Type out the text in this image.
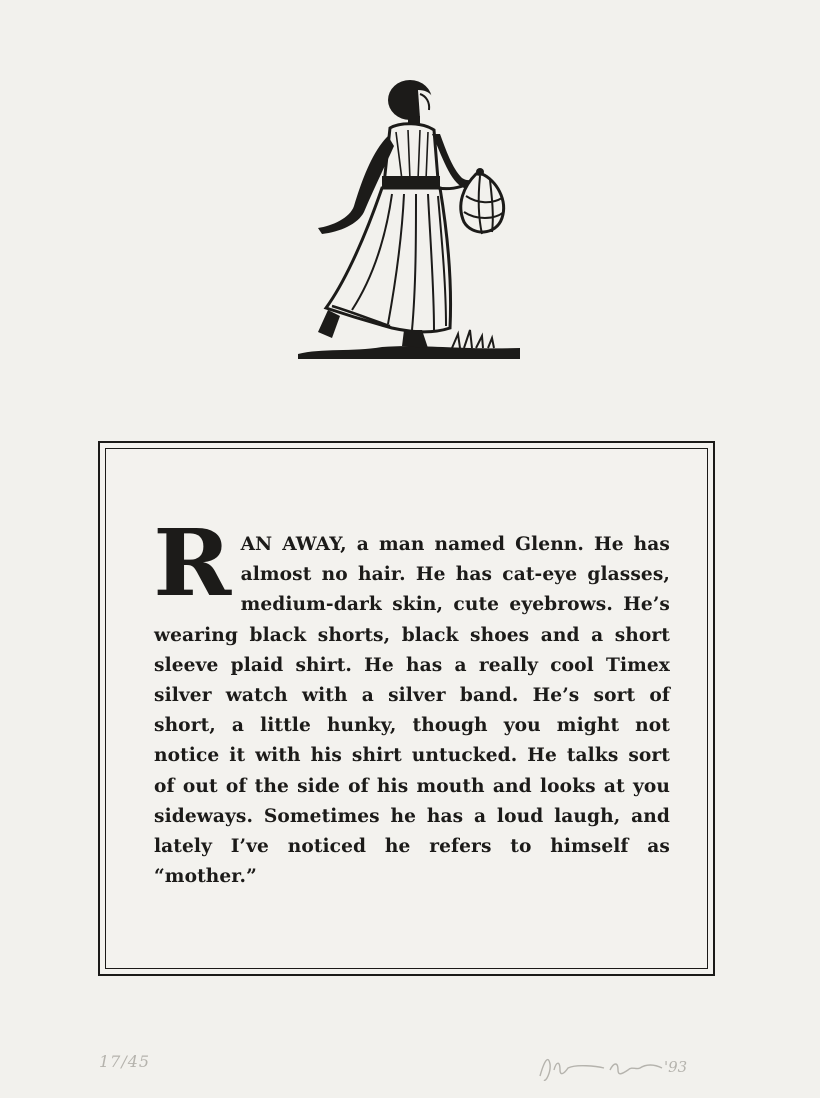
RAN AWAY, a man named Glenn. He has almost no hair. He has cat-eye glasses, medium-dark skin, cute eyebrows. He’s wearing black shorts, black shoes and a short sleeve plaid shirt. He has a really cool Timex silver watch with a silver band. He’s sort of short, a little hunky, though you might not notice it with his shirt untucked. He talks sort of out of the side of his mouth and looks at you sideways. Sometimes he has a loud laugh, and lately I’ve noticed he refers to himself as “mother.”
17/45	'93
